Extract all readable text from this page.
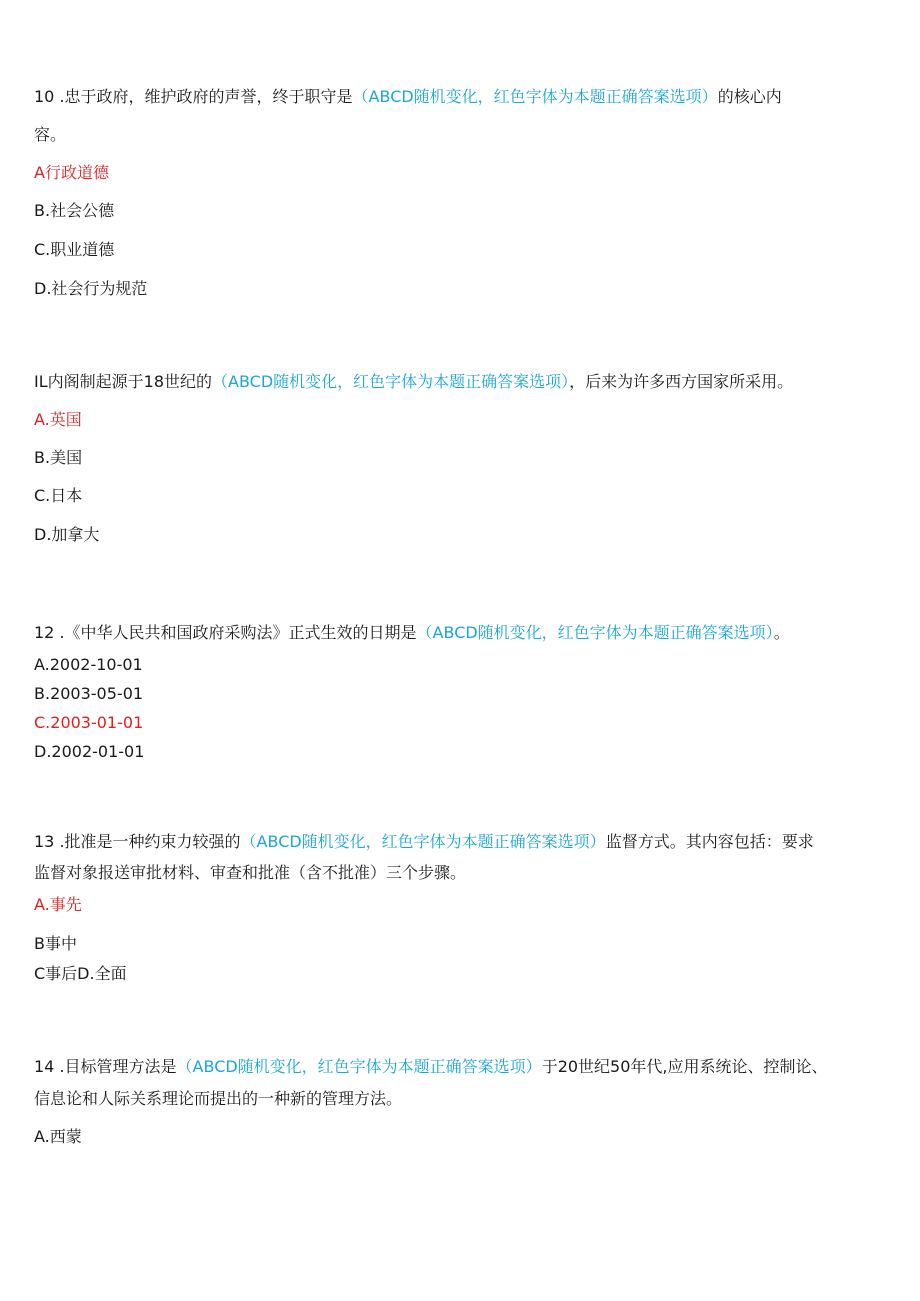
10 .忠于政府，维护政府的声誉，终于职守是（ABCD随机变化，红色字体为本题正确答案选项）的核心内
容。
A行政道德
B.社会公德
C.职业道德
D.社会行为规范
IL内阁制起源于18世纪的（ABCD随机变化，红色字体为本题正确答案选项），后来为许多西方国家所采用。
A.英国
B.美国
C.日本
D.加拿大
12 .《中华人民共和国政府采购法》正式生效的日期是（ABCD随机变化，红色字体为本题正确答案选项）。
A.2002-10-01
B.2003-05-01
C.2003-01-01
D.2002-01-01
13 .批准是一种约束力较强的（ABCD随机变化，红色字体为本题正确答案选项）监督方式。其内容包括：要求
监督对象报送审批材料、审查和批准（含不批准）三个步骤。
A.事先
B事中
C事后D.全面
14 .目标管理方法是（ABCD随机变化，红色字体为本题正确答案选项）于20世纪50年代,应用系统论、控制论、
信息论和人际关系理论而提出的一种新的管理方法。
A.西蒙
